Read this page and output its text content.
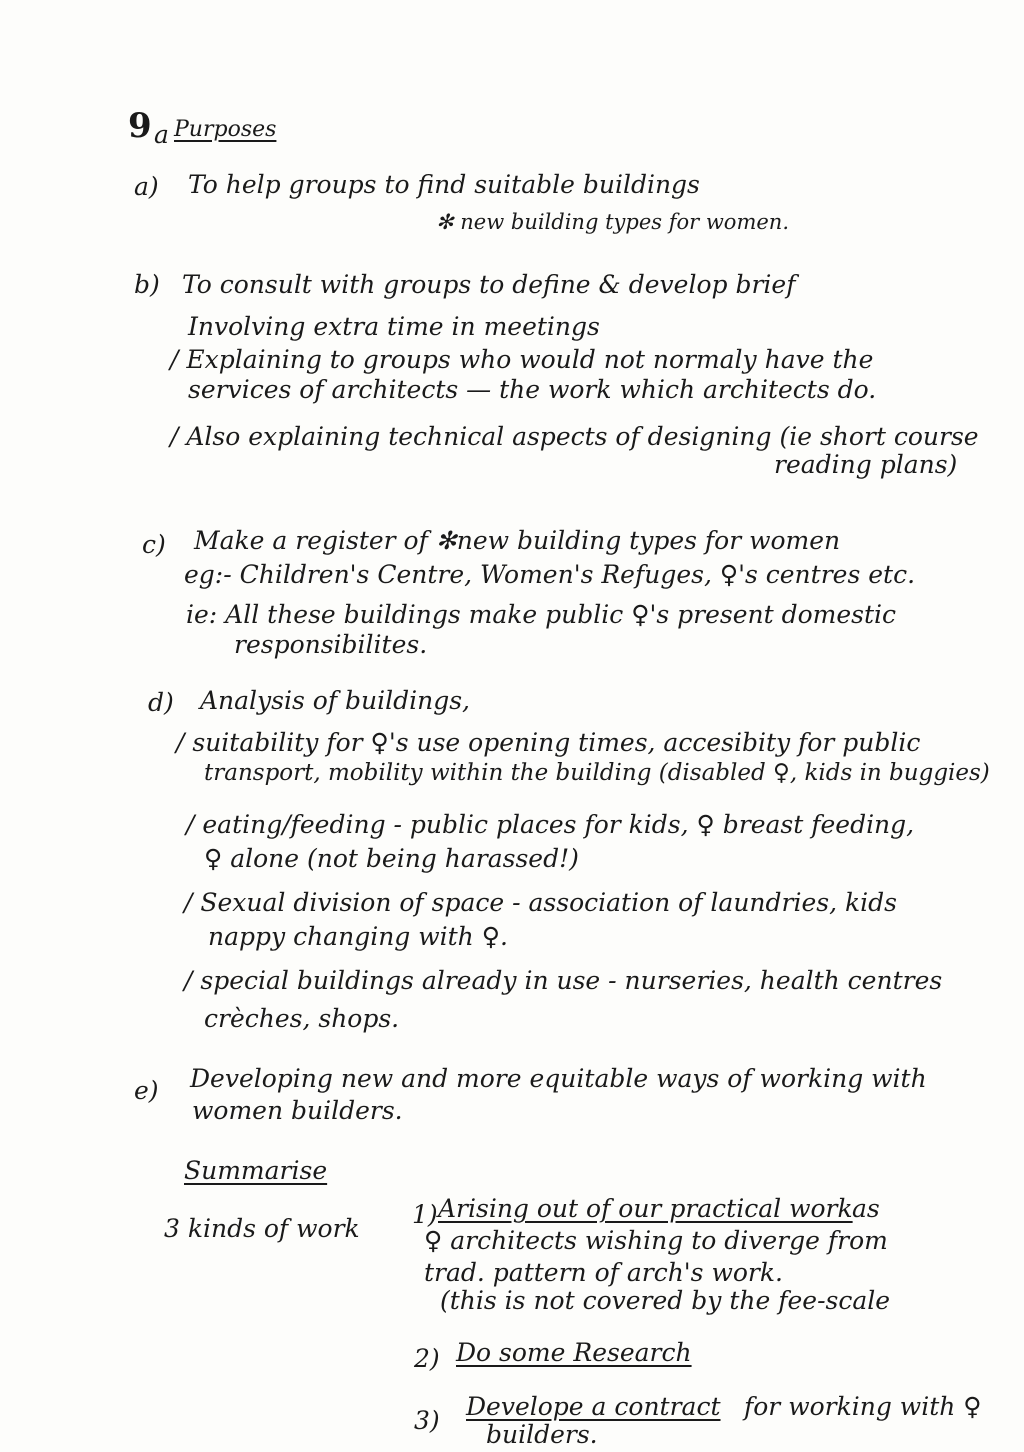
9 a Purposes
a) To help groups to find suitable buildings
✻ new building types for women.
b) To consult with groups to define & develop brief
Involving extra time in meetings
/ Explaining to groups who would not normaly have the
services of architects — the work which architects do.
/ Also explaining technical aspects of designing (ie short course
reading plans)
c) Make a register of ✻new building types for women
eg:- Children's Centre, Women's Refuges, ♀'s centres etc.
ie: All these buildings make public ♀'s present domestic
responsibilites.
d) Analysis of buildings,
/ suitability for ♀'s use opening times, accesibity for public
transport, mobility within the building (disabled ♀, kids in buggies)
/ eating/feeding - public places for kids, ♀ breast feeding,
♀ alone (not being harassed!)
/ Sexual division of space - association of laundries, kids
nappy changing with ♀.
/ special buildings already in use - nurseries, health centres
crèches, shops.
e) Developing new and more equitable ways of working with
women builders.
Summarise
3 kinds of work 1) Arising out of our practical work as
♀ architects wishing to diverge from
trad. pattern of arch's work.
(this is not covered by the fee-scale
2) Do some Research
3) Develope a contract for working with ♀
builders.
